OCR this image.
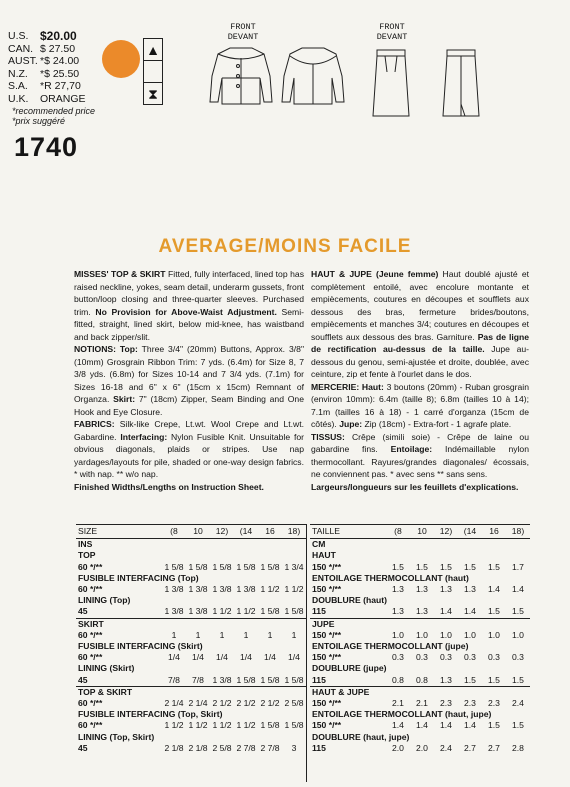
U.S. $20.00
CAN. $ 27.50
AUST. *$ 24.00
N.Z.	*$ 25.50
S.A.	*R 27,70
U.K.	ORANGE
*recommended price
*prix suggéré
1740
▲
⧗
FRONT
DEVANT
FRONT
DEVANT
AVERAGE/MOINS FACILE
MISSES' TOP & SKIRT Fitted, fully interfaced, lined top has raised neckline, yokes, seam detail, underarm gussets, front button/loop closing and three-quarter sleeves. Purchased trim. No Provision for Above-Waist Adjustment. Semi-fitted, straight, lined skirt, below mid-knee, has waistband and back zipper/slit.
NOTIONS: Top: Three 3/4" (20mm) Buttons, Approx. 3/8" (10mm) Grosgrain Ribbon Trim: 7 yds. (6.4m) for Size 8, 7 3/8 yds. (6.8m) for Sizes 10-14 and 7 3/4 yds. (7.1m) for Sizes 16-18 and 6" x 6" (15cm x 15cm) Remnant of Organza. Skirt: 7" (18cm) Zipper, Seam Binding and One Hook and Eye Closure.
FABRICS: Silk-like Crepe, Lt.wt. Wool Crepe and Lt.wt. Gabardine. Interfacing: Nylon Fusible Knit. Unsuitable for obvious diagonals, plaids or stripes. Use nap yardages/layouts for pile, shaded or one-way design fabrics. * with nap. ** w/o nap.
Finished Widths/Lengths on Instruction Sheet.
HAUT & JUPE (Jeune femme) Haut doublé ajusté et complètement entoilé, avec encolure montante et empiècements, coutures en découpes et soufflets aux dessous des bras, fermeture brides/boutons, empiècements et manches 3/4; coutures en découpes et soufflets aux dessous des bras. Garniture. Pas de ligne de rectification au-dessus de la taille. Jupe au-dessous du genou, semi-ajustée et droite, doublée, avec ceinture, zip et fente à l'ourlet dans le dos.
MERCERIE: Haut: 3 boutons (20mm) - Ruban grosgrain (environ 10mm): 6.4m (taille 8); 6.8m (tailles 10 à 14); 7.1m (tailles 16 à 18) - 1 carré d'organza (15cm de côtés). Jupe: Zip (18cm) - Extra-fort - 1 agrafe plate.
TISSUS: Crêpe (simili soie) - Crêpe de laine ou gabardine fins. Entoilage: Indémaillable nylon thermocollant. Rayures/grandes diagonales/ écossais, ne conviennent pas. * avec sens ** sans sens.
Largeurs/longueurs sur les feuillets d'explications.
SIZE	(8	10	12)	(14	16	18)
INS						
TOP						
60 */**	1 5/8	1 5/8	1 5/8	1 5/8	1 5/8	1 3/4
FUSIBLE INTERFACING (Top)						
60 */**	1 3/8	1 3/8	1 3/8	1 3/8	1 1/2	1 1/2
LINING (Top)						
45	1 3/8	1 3/8	1 1/2	1 1/2	1 5/8	1 5/8
SKIRT						
60 */**	1	1	1	1	1	1
FUSIBLE INTERFACING (Skirt)						
60 */**	1/4	1/4	1/4	1/4	1/4	1/4
LINING (Skirt)						
45	7/8	7/8	1 3/8	1 5/8	1 5/8	1 5/8
TOP & SKIRT						
60 */**	2 1/4	2 1/4	2 1/2	2 1/2	2 1/2	2 5/8
FUSIBLE INTERFACING (Top, Skirt)						
60 */**	1 1/2	1 1/2	1 1/2	1 1/2	1 5/8	1 5/8
LINING (Top, Skirt)						
45	2 1/8	2 1/8	2 5/8	2 7/8	2 7/8	3
TAILLE	(8	10	12)	(14	16	18)
CM						
HAUT						
150 */**	1.5	1.5	1.5	1.5	1.5	1.7
ENTOILAGE THERMOCOLLANT (haut)						
150 */**	1.3	1.3	1.3	1.3	1.4	1.4
DOUBLURE (haut)						
115	1.3	1.3	1.4	1.4	1.5	1.5
JUPE						
150 */**	1.0	1.0	1.0	1.0	1.0	1.0
ENTOILAGE THERMOCOLLANT (jupe)						
150 */**	0.3	0.3	0.3	0.3	0.3	0.3
DOUBLURE (jupe)						
115	0.8	0.8	1.3	1.5	1.5	1.5
HAUT & JUPE						
150 */**	2.1	2.1	2.3	2.3	2.3	2.4
ENTOILAGE THERMOCOLLANT (haut, jupe)						
150 */**	1.4	1.4	1.4	1.4	1.5	1.5
DOUBLURE (haut, jupe)						
115	2.0	2.0	2.4	2.7	2.7	2.8
